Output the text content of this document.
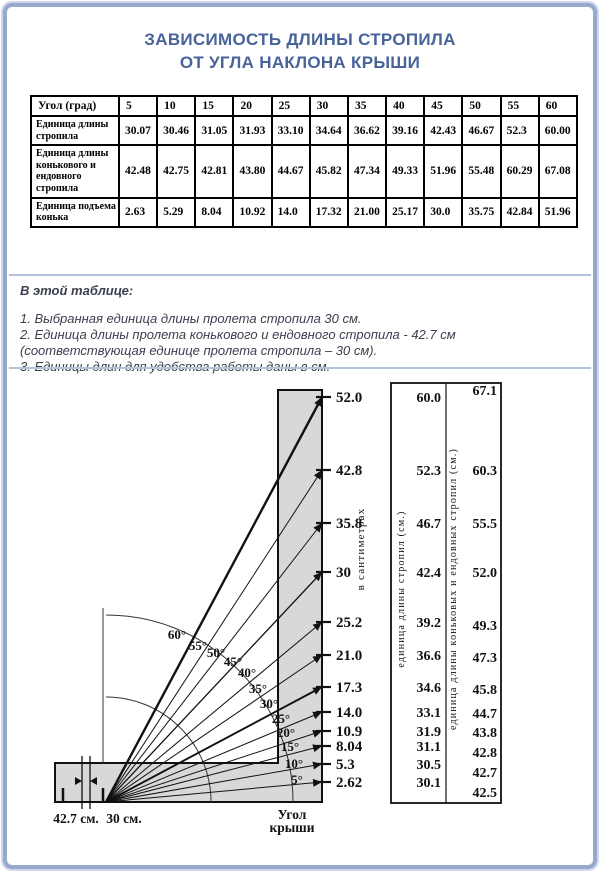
ЗАВИСИМОСТЬ ДЛИНЫ СТРОПИЛА
ОТ УГЛА НАКЛОНА КРЫШИ
Угол (град)	5	10	15	20	25	30	35	40	45	50	55	60
Единица длины стропила	30.07	30.46	31.05	31.93	33.10	34.64	36.62	39.16	42.43	46.67	52.3	60.00
Единица длины конькового и ендовного стропила	42.48	42.75	42.81	43.80	44.67	45.82	47.34	49.33	51.96	55.48	60.29	67.08
Единица подъема конька	2.63	5.29	8.04	10.92	14.0	17.32	21.00	25.17	30.0	35.75	42.84	51.96
В этой таблице:
1. Выбранная единица длины пролета стропила 30 см.
2. Единица длины пролета конькового и ендовного стропила - 42.7 см (соответствующая единице пролета стропила – 30 см).
52.0	60.0 67.1
60°
42.8	52.3 60.3
55°
35.8	46.7 55.5
50°
30	42.4 52.0
45°
25.2	39.2 49.3
40°
21.0	36.6 47.3
35°	17.3	34.6 45.8
30°
14.0	33.1 44.7
25°
10.9	31.9 43.8
20°
8.04	31.1 42.8
15°
5.3	30.5
42.7
10°
2.62	30.1
42.5
5°
42.7 см. 30 см.	Угол
крыши
в сантиметрах	единица длины стропил (см.)	единица длины коньковых и ендовных стропил (см.)
